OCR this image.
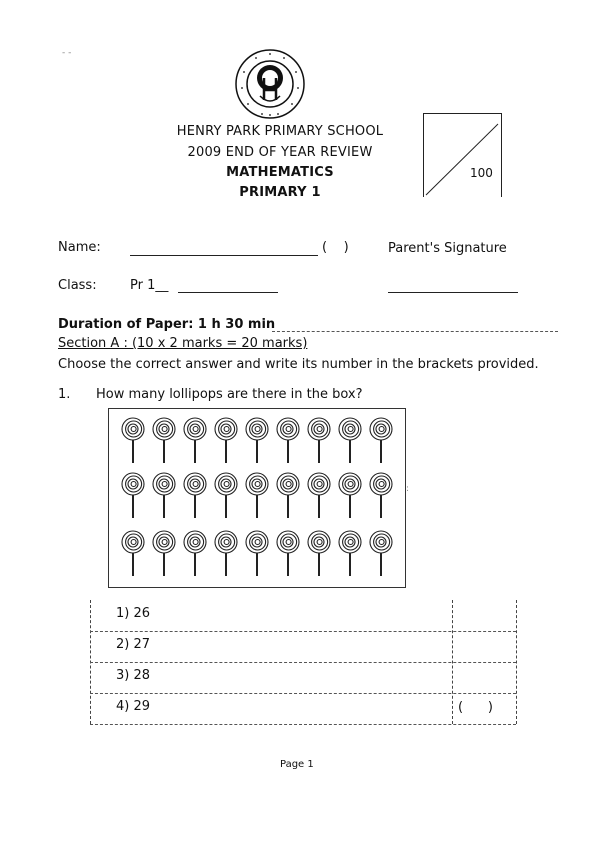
- -
HENRY PARK PRIMARY SCHOOL
2009 END OF YEAR REVIEW
MATHEMATICS
PRIMARY 1
100
Name:	(    )	Parent's Signature
Class:	Pr 1__
Duration of Paper: 1 h 30 min
Section A : (10 x 2 marks = 20 marks)
Choose the correct answer and write its number in the brackets provided.
1. How many lollipops are there in the box?
:
1) 26
2) 27
3) 28
4) 29	(      )
Page 1
